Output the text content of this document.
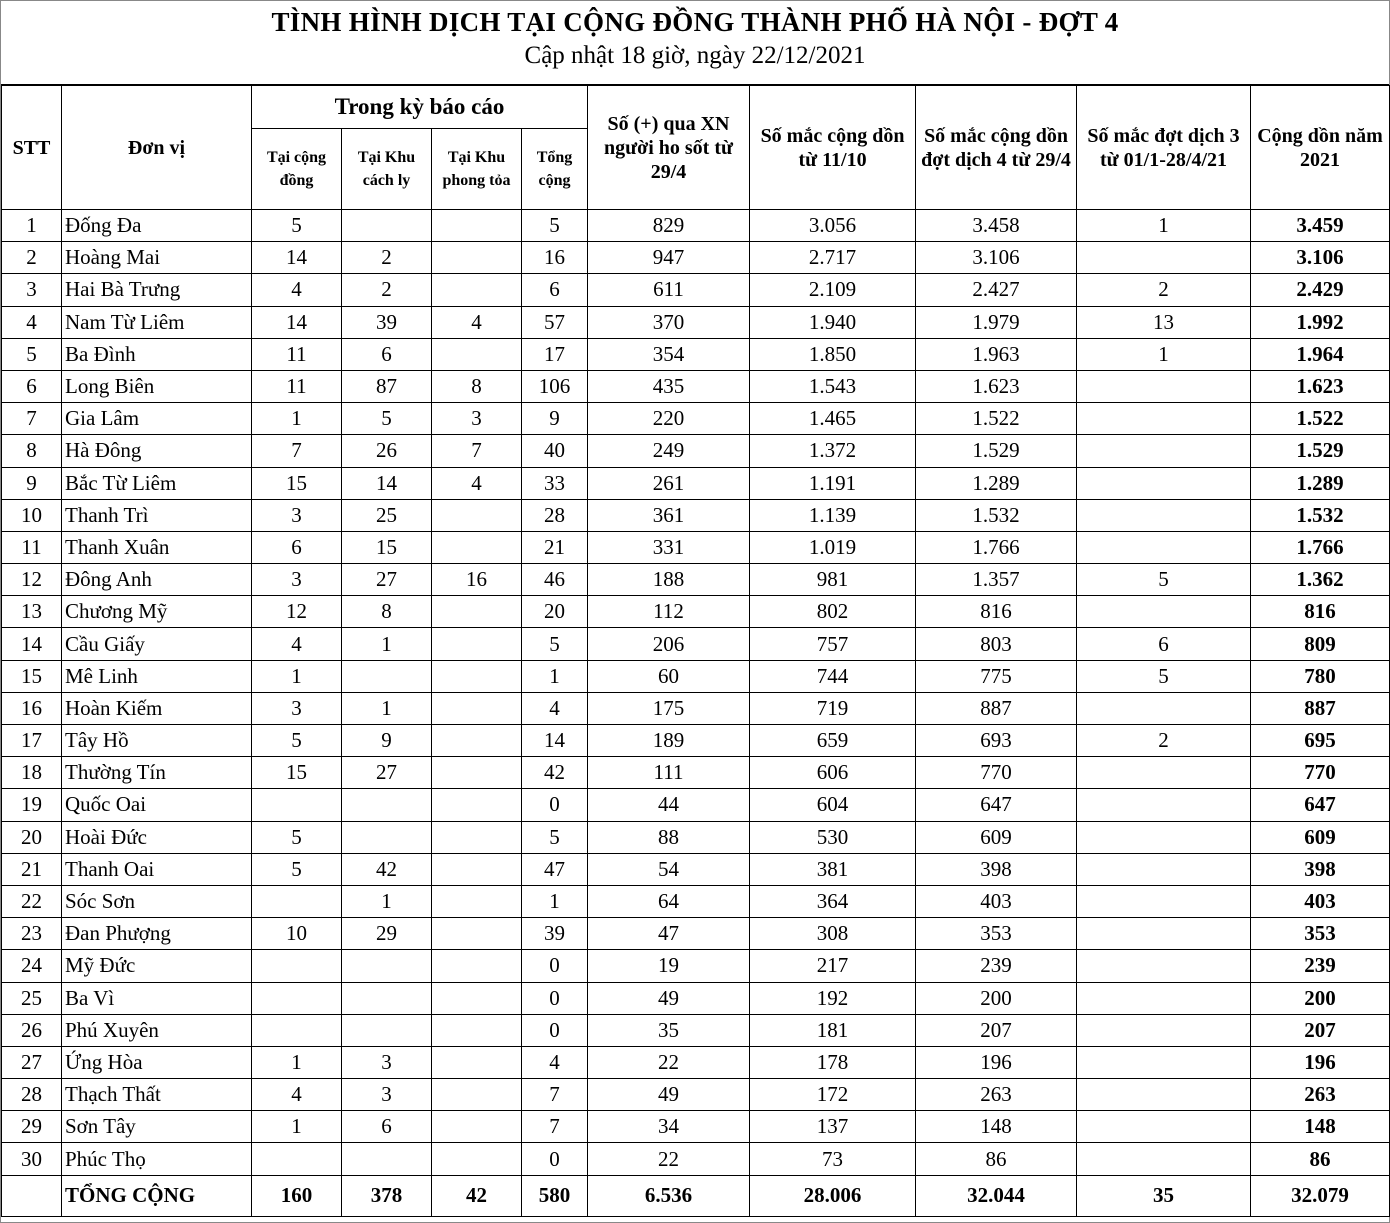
TÌNH HÌNH DỊCH TẠI CỘNG ĐỒNG THÀNH PHỐ HÀ NỘI - ĐỢT 4
Cập nhật 18 giờ, ngày 22/12/2021
STT	Đơn vị	Trong kỳ báo cáo				Số (+) qua XN người ho sốt từ 29/4	Số mắc cộng dồn từ 11/10	Số mắc cộng dồn đợt dịch 4 từ 29/4	Số mắc đợt dịch 3 từ 01/1-28/4/21	Cộng dồn năm 2021
		Tại cộng đồng	Tại Khu cách ly	Tại Khu phong tỏa	Tổng cộng					
1	Đống Đa	5			5	829	3.056	3.458	1	3.459
2	Hoàng Mai	14	2		16	947	2.717	3.106		3.106
3	Hai Bà Trưng	4	2		6	611	2.109	2.427	2	2.429
4	Nam Từ Liêm	14	39	4	57	370	1.940	1.979	13	1.992
5	Ba Đình	11	6		17	354	1.850	1.963	1	1.964
6	Long Biên	11	87	8	106	435	1.543	1.623		1.623
7	Gia Lâm	1	5	3	9	220	1.465	1.522		1.522
8	Hà Đông	7	26	7	40	249	1.372	1.529		1.529
9	Bắc Từ Liêm	15	14	4	33	261	1.191	1.289		1.289
10	Thanh Trì	3	25		28	361	1.139	1.532		1.532
11	Thanh Xuân	6	15		21	331	1.019	1.766		1.766
12	Đông Anh	3	27	16	46	188	981	1.357	5	1.362
13	Chương Mỹ	12	8		20	112	802	816		816
14	Cầu Giấy	4	1		5	206	757	803	6	809
15	Mê Linh	1			1	60	744	775	5	780
16	Hoàn Kiếm	3	1		4	175	719	887		887
17	Tây Hồ	5	9		14	189	659	693	2	695
18	Thường Tín	15	27		42	111	606	770		770
19	Quốc Oai				0	44	604	647		647
20	Hoài Đức	5			5	88	530	609		609
21	Thanh Oai	5	42		47	54	381	398		398
22	Sóc Sơn		1		1	64	364	403		403
23	Đan Phượng	10	29		39	47	308	353		353
24	Mỹ Đức				0	19	217	239		239
25	Ba Vì				0	49	192	200		200
26	Phú Xuyên				0	35	181	207		207
27	Ứng Hòa	1	3		4	22	178	196		196
28	Thạch Thất	4	3		7	49	172	263		263
29	Sơn Tây	1	6		7	34	137	148		148
30	Phúc Thọ				0	22	73	86		86
	TỔNG CỘNG	160	378	42	580	6.536	28.006	32.044	35	32.079
